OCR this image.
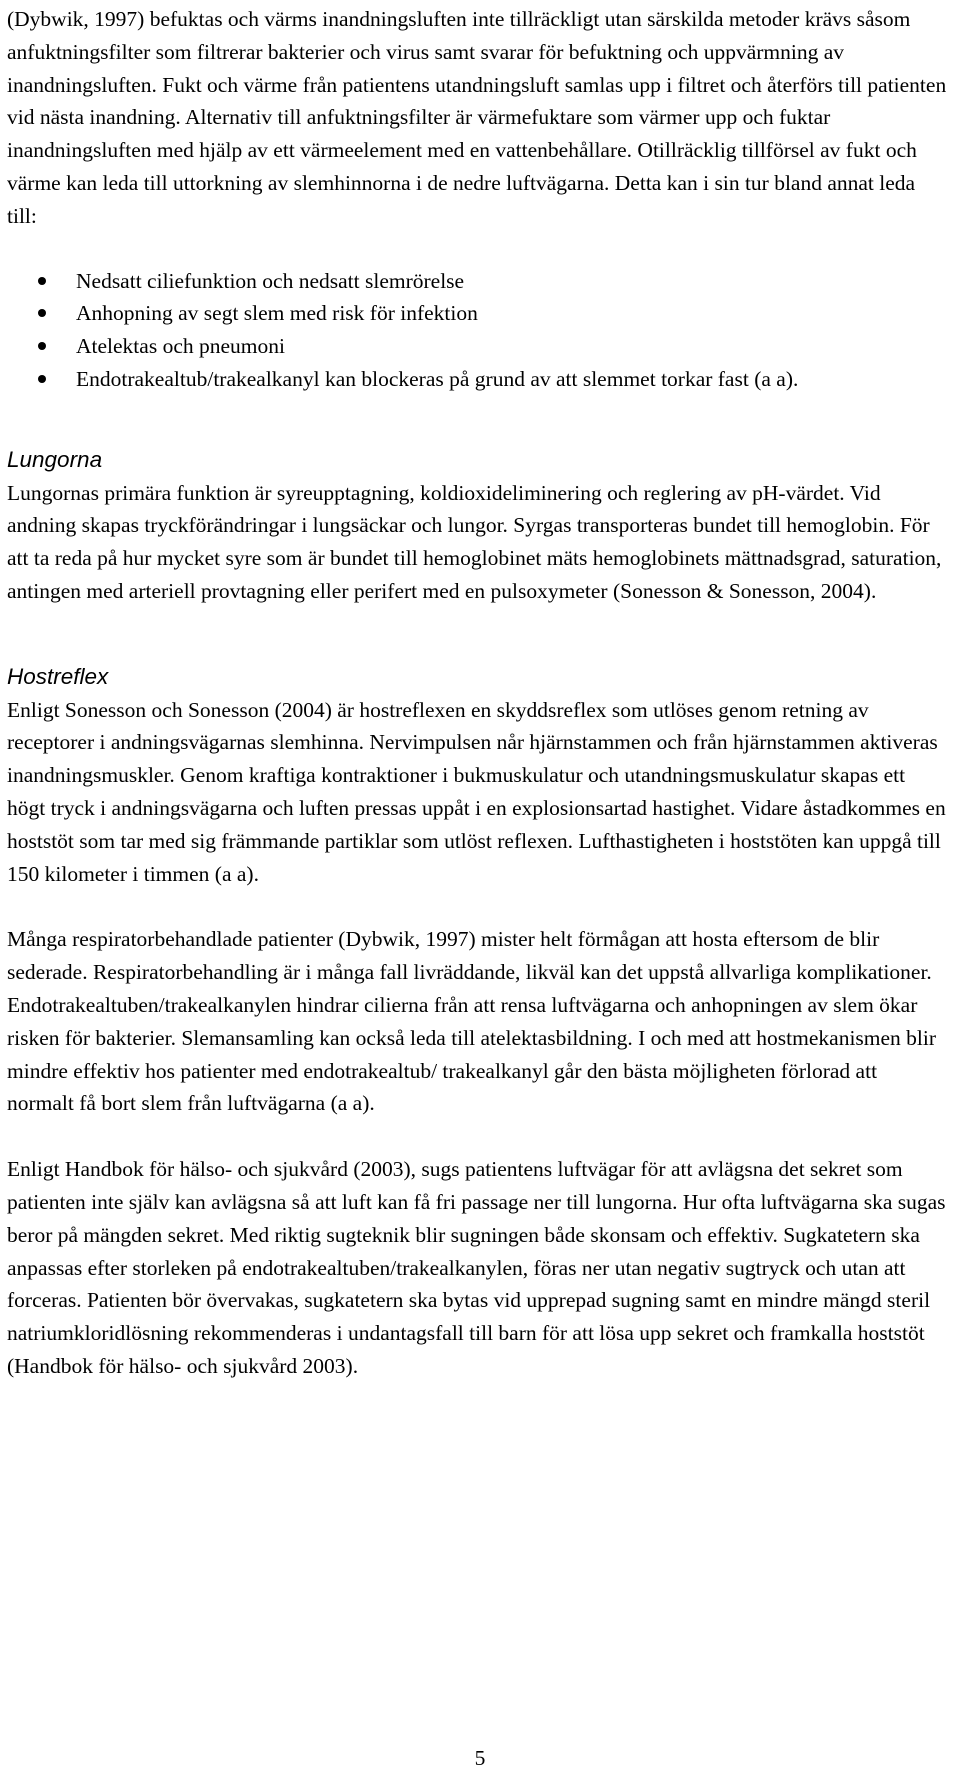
(Dybwik, 1997) befuktas och värms inandningsluften inte tillräckligt utan särskilda metoder krävs såsom anfuktningsfilter som filtrerar bakterier och virus samt svarar för befuktning och uppvärmning av inandningsluften. Fukt och värme från patientens utandningsluft samlas upp i filtret och återförs till patienten vid nästa inandning. Alternativ till anfuktningsfilter är värmefuktare som värmer upp och fuktar inandningsluften med hjälp av ett värmeelement med en vattenbehållare. Otillräcklig tillförsel av fukt och värme kan leda till uttorkning av slemhinnorna i de nedre luftvägarna. Detta kan i sin tur bland annat leda till:

Nedsatt ciliefunktion och nedsatt slemrörelse
Anhopning av segt slem med risk för infektion
Atelektas och pneumoni
Endotrakealtub/trakealkanyl kan blockeras på grund av att slemmet torkar fast (a a).
Lungorna

Lungornas primära funktion är syreupptagning, koldioxideliminering och reglering av pH-värdet. Vid andning skapas tryckförändringar i lungsäckar och lungor. Syrgas transporteras bundet till hemoglobin. För att ta reda på hur mycket syre som är bundet till hemoglobinet mäts hemoglobinets mättnadsgrad, saturation, antingen med arteriell provtagning eller perifert med en pulsoxymeter (Sonesson & Sonesson, 2004).

Hostreflex

Enligt Sonesson och Sonesson (2004) är hostreflexen en skyddsreflex som utlöses genom retning av receptorer i andningsvägarnas slemhinna. Nervimpulsen når hjärnstammen och från hjärnstammen aktiveras inandningsmuskler. Genom kraftiga kontraktioner i bukmuskulatur och utandningsmuskulatur skapas ett högt tryck i andningsvägarna och luften pressas uppåt i en explosionsartad hastighet. Vidare åstadkommes en hoststöt som tar med sig främmande partiklar som utlöst reflexen. Lufthastigheten i hoststöten kan uppgå till 150 kilometer i timmen (a a).

Många respiratorbehandlade patienter (Dybwik, 1997) mister helt förmågan att hosta eftersom de blir sederade. Respiratorbehandling är i många fall livräddande, likväl kan det uppstå allvarliga komplikationer. Endotrakealtuben/trakealkanylen hindrar cilierna från att rensa luftvägarna och anhopningen av slem ökar risken för bakterier. Slemansamling kan också leda till atelektasbildning. I och med att hostmekanismen blir mindre effektiv hos patienter med endotrakealtub/ trakealkanyl går den bästa möjligheten förlorad att normalt få bort slem från luftvägarna (a a).

Enligt Handbok för hälso- och sjukvård (2003), sugs patientens luftvägar för att avlägsna det sekret som patienten inte själv kan avlägsna så att luft kan få fri passage ner till lungorna. Hur ofta luftvägarna ska sugas beror på mängden sekret. Med riktig sugteknik blir sugningen både skonsam och effektiv. Sugkatetern ska anpassas efter storleken på endotrakealtuben/trakealkanylen, föras ner utan negativ sugtryck och utan att forceras. Patienten bör övervakas, sugkatetern ska bytas vid upprepad sugning samt en mindre mängd steril natriumkloridlösning rekommenderas i undantagsfall till barn för att lösa upp sekret och framkalla hoststöt (Handbok för hälso- och sjukvård 2003).

5
